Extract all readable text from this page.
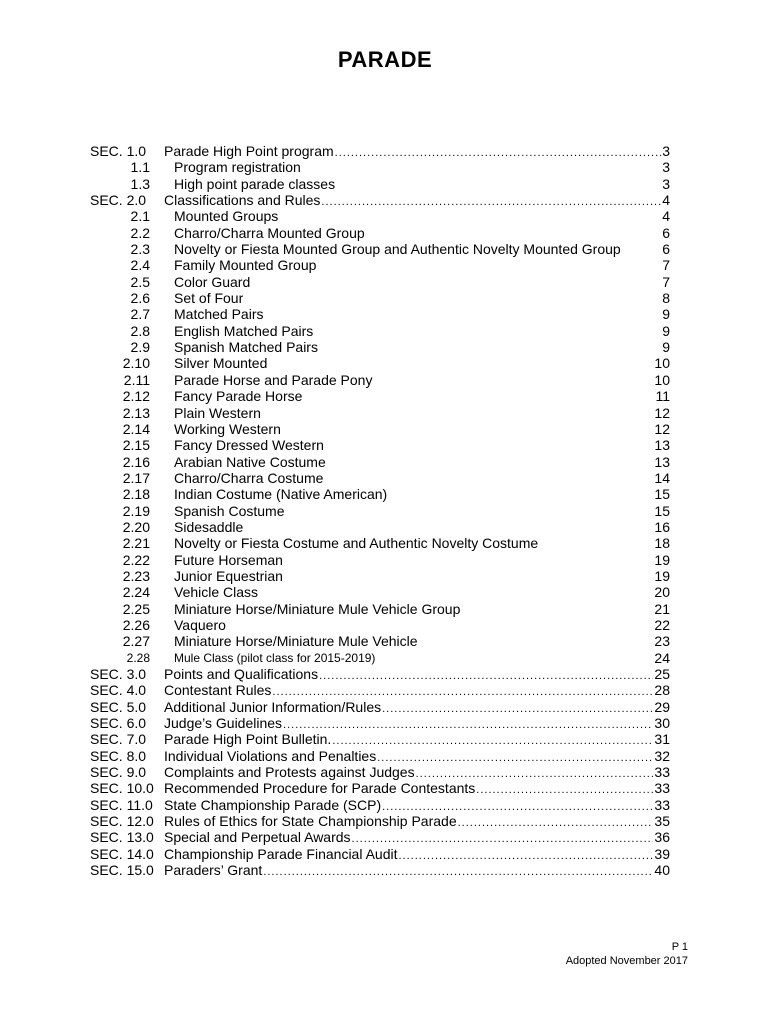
PARADE
SEC. 1.0 Parade High Point program .....	3
1.1 Program registration	3
1.3 High point parade classes	3
SEC. 2.0 Classifications and Rules .....	4
2.1 Mounted Groups	4
2.2 Charro/Charra Mounted Group	6
2.3 Novelty or Fiesta Mounted Group and Authentic Novelty Mounted Group	6
2.4 Family Mounted Group	7
2.5 Color Guard	7
2.6 Set of Four	8
2.7 Matched Pairs	9
2.8 English Matched Pairs	9
2.9 Spanish Matched Pairs	9
2.10 Silver Mounted	10
2.11 Parade Horse and Parade Pony	10
2.12 Fancy Parade Horse	11
2.13 Plain Western	12
2.14 Working Western	12
2.15 Fancy Dressed Western	13
2.16 Arabian Native Costume	13
2.17 Charro/Charra Costume	14
2.18 Indian Costume (Native American)	15
2.19 Spanish Costume	15
2.20 Sidesaddle	16
2.21 Novelty or Fiesta Costume and Authentic Novelty Costume	18
2.22 Future Horseman	19
2.23 Junior Equestrian	19
2.24 Vehicle Class	20
2.25 Miniature Horse/Miniature Mule Vehicle Group	21
2.26 Vaquero	22
2.27 Miniature Horse/Miniature Mule Vehicle	23
2.28 Mule Class (pilot class for 2015-2019)	24
SEC. 3.0 Points and Qualifications .....	25
SEC. 4.0 Contestant Rules .....	28
SEC. 5.0 Additional Junior Information/Rules .....	29
SEC. 6.0 Judge’s Guidelines .....	30
SEC. 7.0 Parade High Point Bulletin. .....	31
SEC. 8.0 Individual Violations and Penalties .....	32
SEC. 9.0 Complaints and Protests against Judges .....	33
SEC. 10.0 Recommended Procedure for Parade Contestants .....	33
SEC. 11.0 State Championship Parade (SCP) .....	33
SEC. 12.0 Rules of Ethics for State Championship Parade .....	35
SEC. 13.0 Special and Perpetual Awards .....	36
SEC. 14.0 Championship Parade Financial Audit .....	39
SEC. 15.0 Paraders’ Grant .....	40
P 1
Adopted November 2017
